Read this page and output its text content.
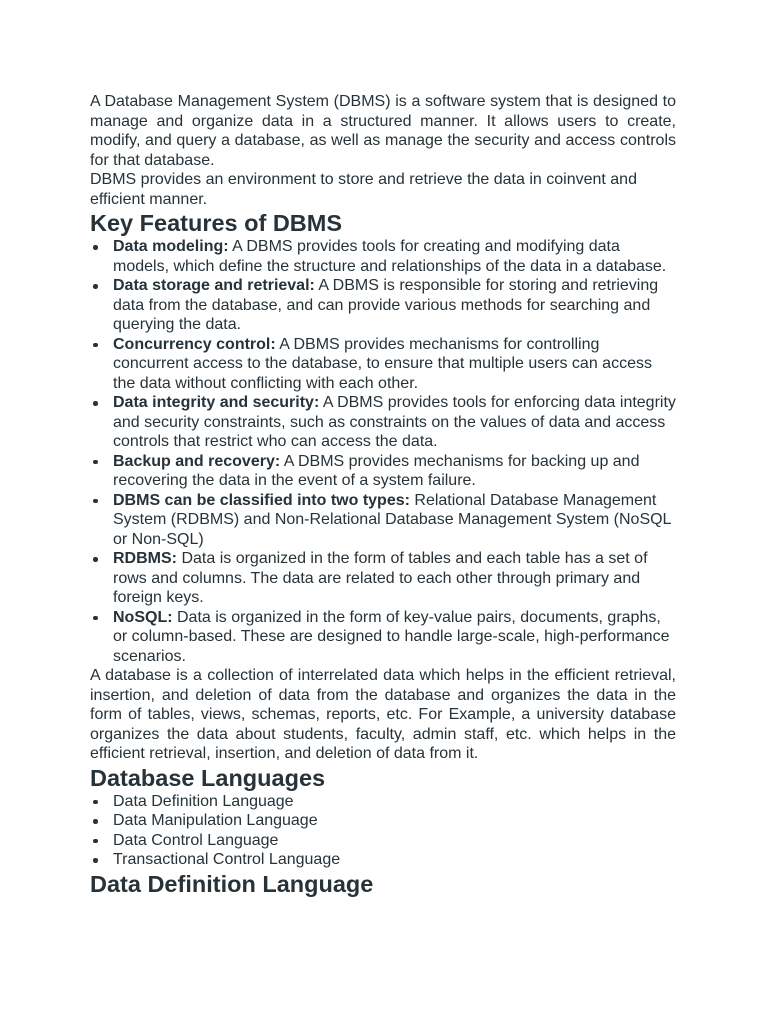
A Database Management System (DBMS) is a software system that is designed to manage and organize data in a structured manner. It allows users to create, modify, and query a database, as well as manage the security and access controls for that database.

DBMS provides an environment to store and retrieve the data in coinvent and efficient manner.

Key Features of DBMS
Data modeling: A DBMS provides tools for creating and modifying data models, which define the structure and relationships of the data in a database.
Data storage and retrieval: A DBMS is responsible for storing and retrieving data from the database, and can provide various methods for searching and querying the data.
Concurrency control: A DBMS provides mechanisms for controlling concurrent access to the database, to ensure that multiple users can access the data without conflicting with each other.
Data integrity and security: A DBMS provides tools for enforcing data integrity and security constraints, such as constraints on the values of data and access controls that restrict who can access the data.
Backup and recovery: A DBMS provides mechanisms for backing up and recovering the data in the event of a system failure.
DBMS can be classified into two types: Relational Database Management System (RDBMS) and Non-Relational Database Management System (NoSQL or Non-SQL)
RDBMS: Data is organized in the form of tables and each table has a set of rows and columns. The data are related to each other through primary and foreign keys.
NoSQL: Data is organized in the form of key-value pairs, documents, graphs, or column-based. These are designed to handle large-scale, high-performance scenarios.

A database is a collection of interrelated data which helps in the efficient retrieval, insertion, and deletion of data from the database and organizes the data in the form of tables, views, schemas, reports, etc. For Example, a university database organizes the data about students, faculty, admin staff, etc. which helps in the efficient retrieval, insertion, and deletion of data from it.

Database Languages
Data Definition Language
Data Manipulation Language
Data Control Language
Transactional Control Language
Data Definition Language
